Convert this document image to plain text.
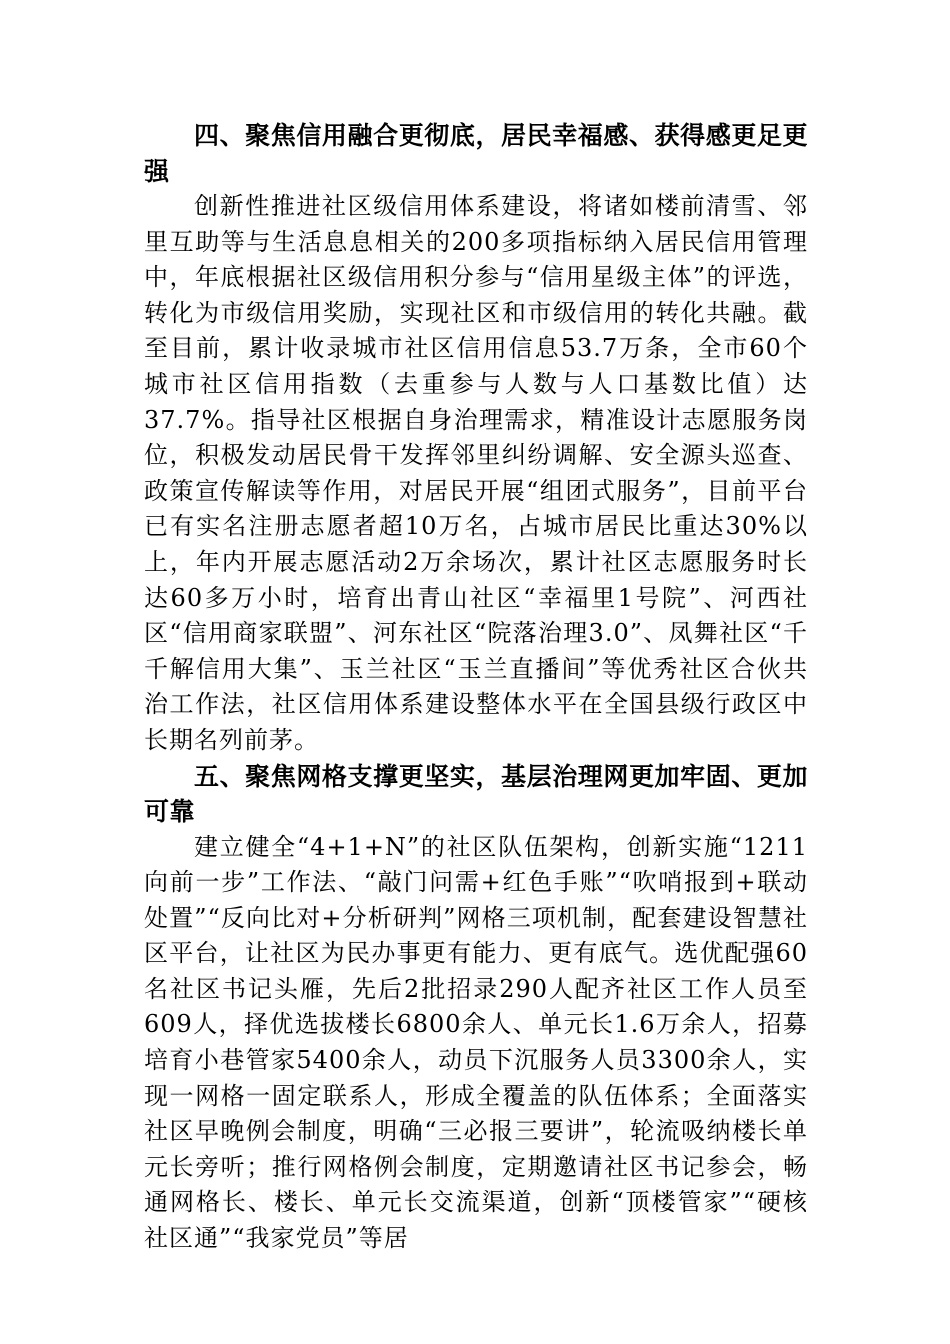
四、聚焦信用融合更彻底，居民幸福感、获得感更足更强

创新性推进社区级信用体系建设，将诸如楼前清雪、邻里互助等与生活息息相关的200多项指标纳入居民信用管理中，年底根据社区级信用积分参与“信用星级主体”的评选，转化为市级信用奖励，实现社区和市级信用的转化共融。截至目前，累计收录城市社区信用信息53.7万条，全市60个城市社区信用指数（去重参与人数与人口基数比值）达37.7%。指导社区根据自身治理需求，精准设计志愿服务岗位，积极发动居民骨干发挥邻里纠纷调解、安全源头巡查、政策宣传解读等作用，对居民开展“组团式服务”，目前平台已有实名注册志愿者超10万名，占城市居民比重达30%以上，年内开展志愿活动2万余场次，累计社区志愿服务时长达60多万小时，培育出青山社区“幸福里1号院”、河西社区“信用商家联盟”、河东社区“院落治理3.0”、凤舞社区“千千解信用大集”、玉兰社区“玉兰直播间”等优秀社区合伙共治工作法，社区信用体系建设整体水平在全国县级行政区中长期名列前茅。

五、聚焦网格支撑更坚实，基层治理网更加牢固、更加可靠

建立健全“4+1+N”的社区队伍架构，创新实施“1211向前一步”工作法、“敲门问需+红色手账”“吹哨报到+联动处置”“反向比对+分析研判”网格三项机制，配套建设智慧社区平台，让社区为民办事更有能力、更有底气。选优配强60名社区书记头雁，先后2批招录290人配齐社区工作人员至609人，择优选拔楼长6800余人、单元长1.6万余人，招募培育小巷管家5400余人，动员下沉服务人员3300余人，实现一网格一固定联系人，形成全覆盖的队伍体系；全面落实社区早晚例会制度，明确“三必报三要讲”，轮流吸纳楼长单元长旁听；推行网格例会制度，定期邀请社区书记参会，畅通网格长、楼长、单元长交流渠道，创新“顶楼管家”“硬核社区通”“我家党员”等居
